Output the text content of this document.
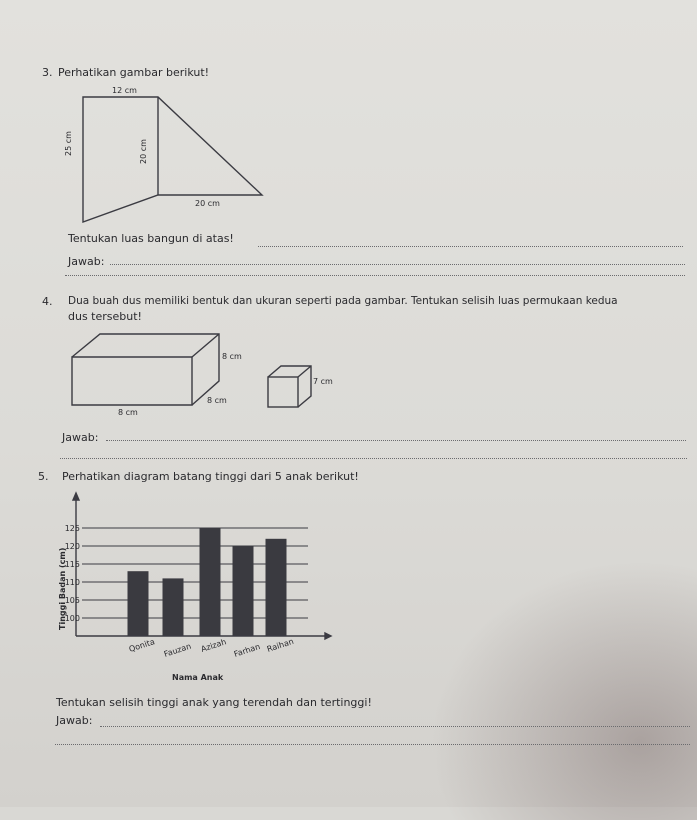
3. Perhatikan gambar berikut!
12 cm
25 cm	20 cm
20 cm
Tentukan luas bangun di atas!
Jawab:
4. Dua buah dus memiliki bentuk dan ukuran seperti pada gambar. Tentukan selisih luas permukaan kedua
dus tersebut!
8 cm
8 cm
8 cm
7 cm
Jawab:
5. Perhatikan diagram batang tinggi dari 5 anak berikut!
100
105
110
115
120
125
Qonita Fauzan Azizah Farhan Raihan
Tinggi Badan (cm)
Nama Anak
Tentukan selisih tinggi anak yang terendah dan tertinggi!
Jawab:
